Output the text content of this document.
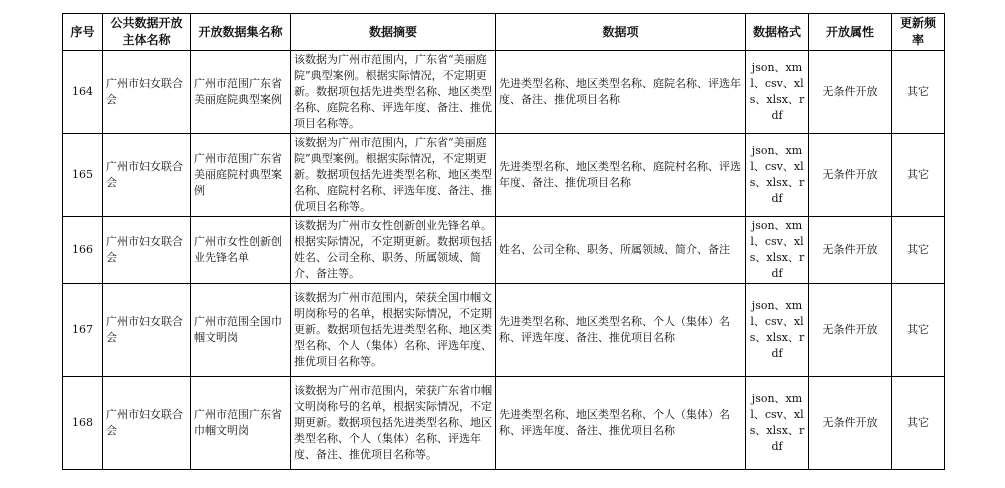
序号	公共数据开放主体名称	开放数据集名称	数据摘要	数据项	数据格式	开放属性	更新频率
164	广州市妇女联合会	广州市范围广东省美丽庭院典型案例	该数据为广州市范围内，广东省“美丽庭院”典型案例。根据实际情况，不定期更新。数据项包括先进类型名称、地区类型名称、庭院名称、评选年度、备注、推优项目名称等。	先进类型名称、地区类型名称、庭院名称、评选年度、备注、推优项目名称	json、xml、csv、xls、xlsx、rdf	无条件开放	其它
165	广州市妇女联合会	广州市范围广东省美丽庭院村典型案例	该数据为广州市范围内，广东省“美丽庭院”典型案例。根据实际情况，不定期更新。数据项包括先进类型名称、地区类型名称、庭院村名称、评选年度、备注、推优项目名称等。	先进类型名称、地区类型名称、庭院村名称、评选年度、备注、推优项目名称	json、xml、csv、xls、xlsx、rdf	无条件开放	其它
166	广州市妇女联合会	广州市女性创新创业先锋名单	该数据为广州市女性创新创业先锋名单。根据实际情况，不定期更新。数据项包括姓名、公司全称、职务、所属领域、简介、备注等。	姓名、公司全称、职务、所属领域、简介、备注	json、xml、csv、xls、xlsx、rdf	无条件开放	其它
167	广州市妇女联合会	广州市范围全国巾帼文明岗	该数据为广州市范围内，荣获全国巾帼文明岗称号的名单，根据实际情况，不定期更新。数据项包括先进类型名称、地区类型名称、个人（集体）名称、评选年度、推优项目名称等。	先进类型名称、地区类型名称、个人（集体）名称、评选年度、备注、推优项目名称	json、xml、csv、xls、xlsx、rdf	无条件开放	其它
168	广州市妇女联合会	广州市范围广东省巾帼文明岗	该数据为广州市范围内，荣获广东省巾帼文明岗称号的名单，根据实际情况，不定期更新。数据项包括先进类型名称、地区类型名称、个人（集体）名称、评选年度、备注、推优项目名称等。	先进类型名称、地区类型名称、个人（集体）名称、评选年度、备注、推优项目名称	json、xml、csv、xls、xlsx、rdf	无条件开放	其它
